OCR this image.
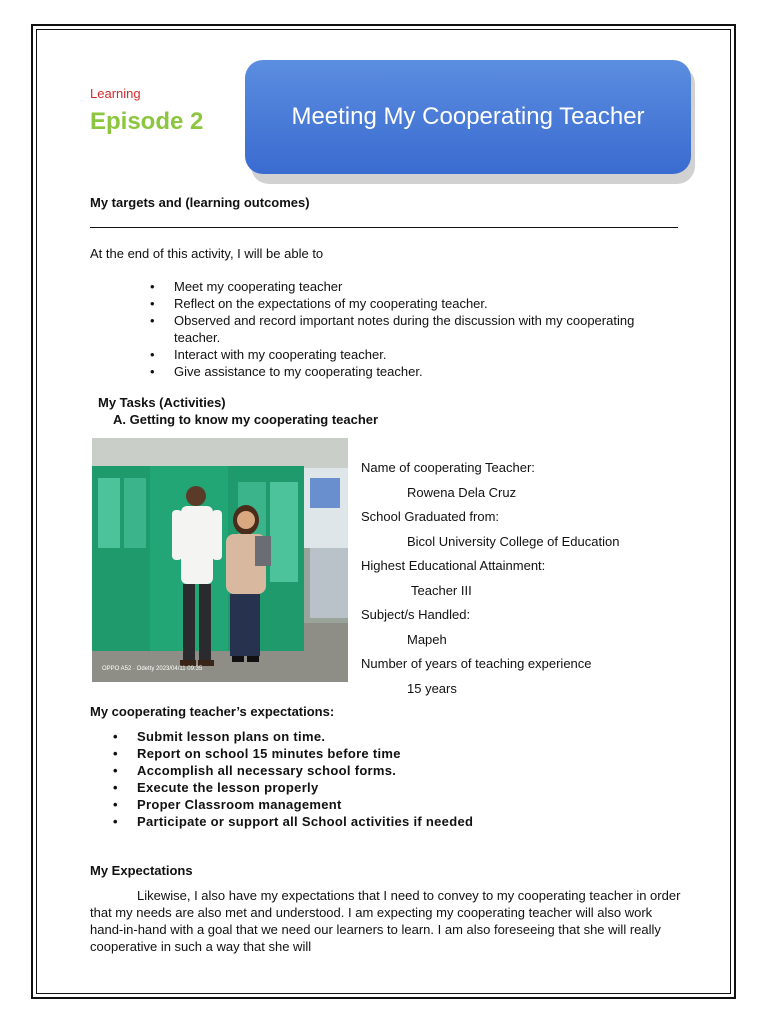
Learning
Episode 2	Meeting My Cooperating Teacher
My targets and (learning outcomes)
At the end of this activity, I will be able to
• Meet my cooperating teacher
• Reflect on the expectations of my cooperating teacher.
• Observed and record important notes during the discussion with my cooperating teacher.
• Interact with my cooperating teacher.
• Give assistance to my cooperating teacher.
My Tasks (Activities)
A. Getting to know my cooperating teacher
OPPO A52 · Odetty 2023/04/11 09:35
Name of cooperating Teacher:
Rowena Dela Cruz
School Graduated from:
Bicol University College of Education
Highest Educational Attainment:
Teacher III
Subject/s Handled:
Mapeh
Number of years of teaching experience
15 years
My cooperating teacher’s expectations:
• Submit lesson plans on time.
• Report on school 15 minutes before time
• Accomplish all necessary school forms.
• Execute the lesson properly
• Proper Classroom management
• Participate or support all School activities if needed
My Expectations

Likewise, I also have my expectations that I need to convey to my cooperating teacher in order that my needs are also met and understood. I am expecting my cooperating teacher will also work hand-in-hand with a goal that we need our learners to learn. I am also foreseeing that she will really cooperative in such a way that she will
